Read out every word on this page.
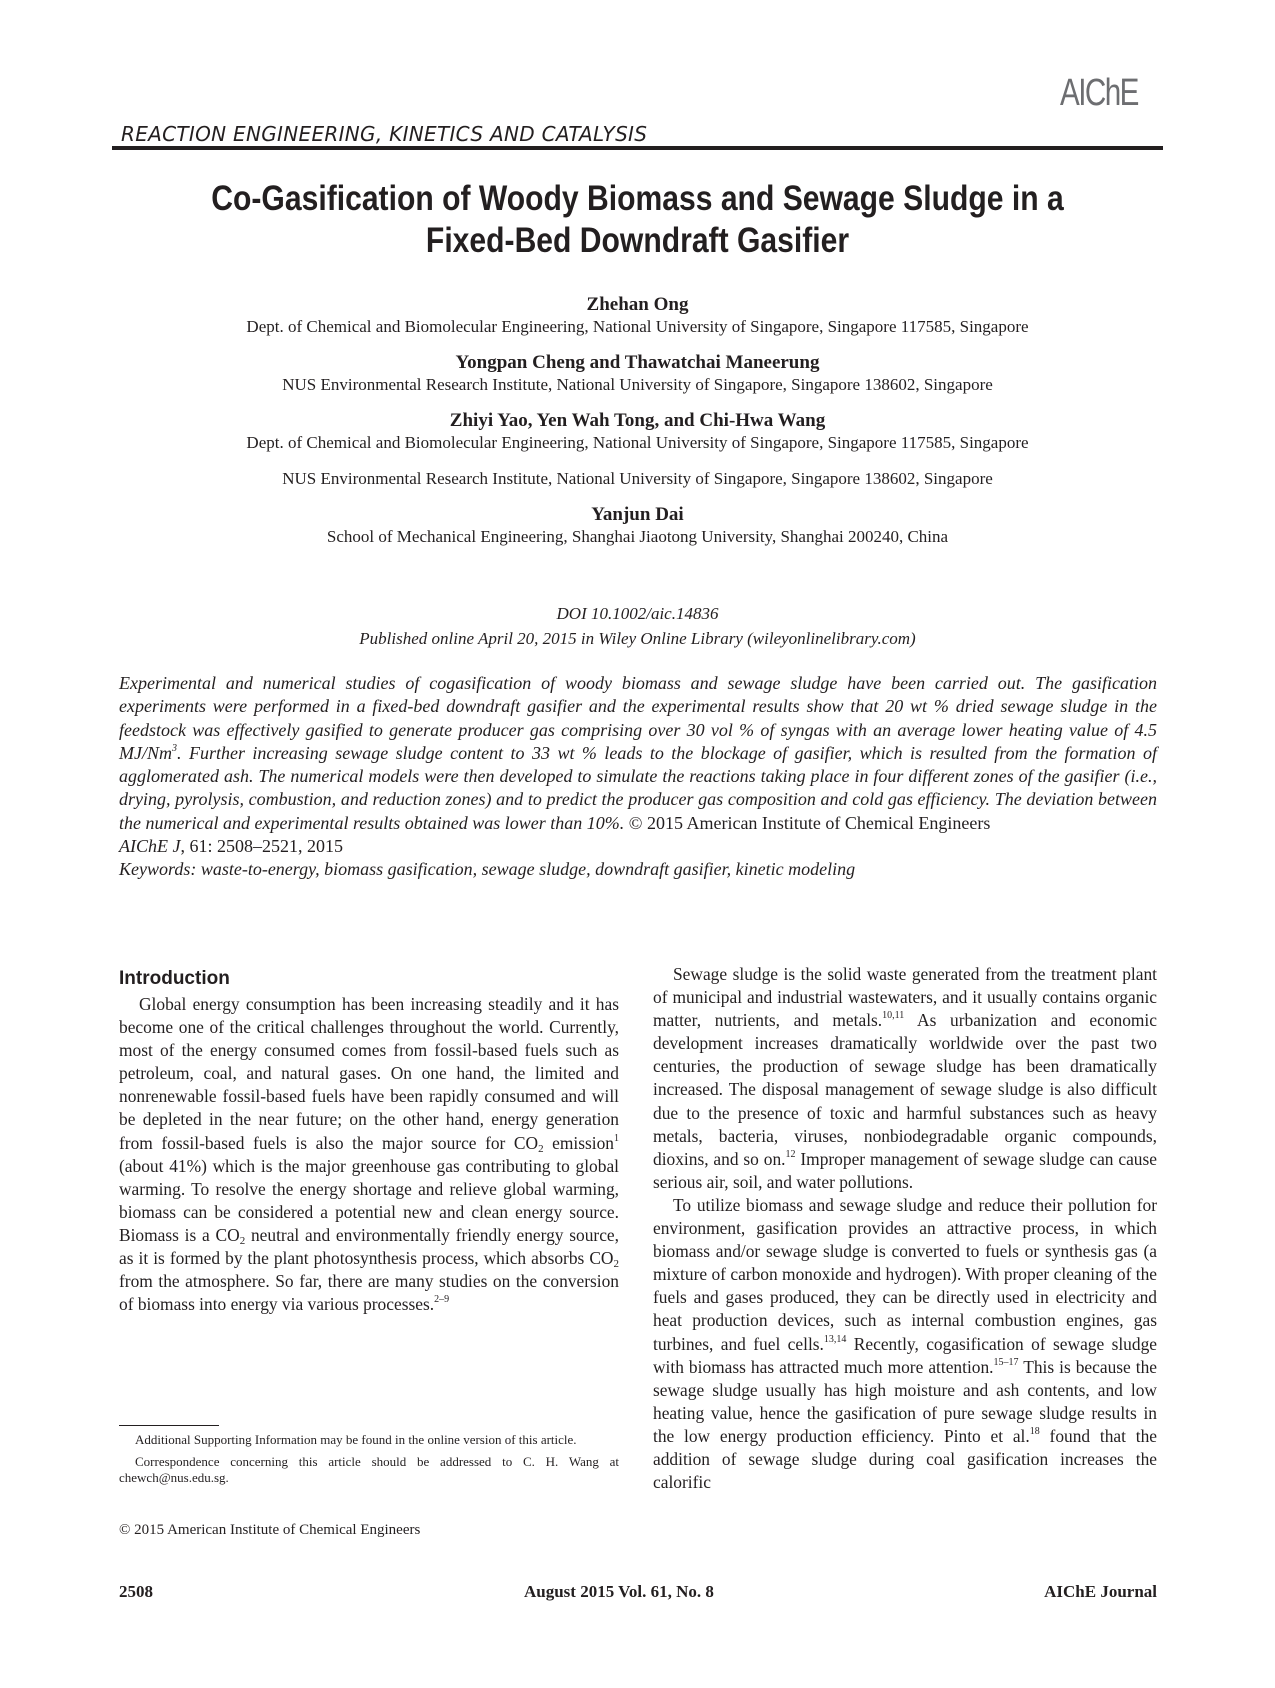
AIChE
REACTION ENGINEERING, KINETICS AND CATALYSIS
Co-Gasification of Woody Biomass and Sewage Sludge in a
Fixed-Bed Downdraft Gasifier
Zhehan Ong
Dept. of Chemical and Biomolecular Engineering, National University of Singapore, Singapore 117585, Singapore
Yongpan Cheng and Thawatchai Maneerung
NUS Environmental Research Institute, National University of Singapore, Singapore 138602, Singapore
Zhiyi Yao, Yen Wah Tong, and Chi-Hwa Wang
Dept. of Chemical and Biomolecular Engineering, National University of Singapore, Singapore 117585, Singapore
NUS Environmental Research Institute, National University of Singapore, Singapore 138602, Singapore
Yanjun Dai
School of Mechanical Engineering, Shanghai Jiaotong University, Shanghai 200240, China
DOI 10.1002/aic.14836
Published online April 20, 2015 in Wiley Online Library (wileyonlinelibrary.com)

Experimental and numerical studies of cogasification of woody biomass and sewage sludge have been carried out. The gasification experiments were performed in a fixed-bed downdraft gasifier and the experimental results show that 20 wt % dried sewage sludge in the feedstock was effectively gasified to generate producer gas comprising over 30 vol % of syngas with an average lower heating value of 4.5 MJ/Nm$^3$. Further increasing sewage sludge content to 33 wt % leads to the blockage of gasifier, which is resulted from the formation of agglomerated ash. The numerical models were then developed to simulate the reactions taking place in four different zones of the gasifier (i.e., drying, pyrolysis, combustion, and reduction zones) and to predict the producer gas composition and cold gas efficiency. The deviation between the numerical and experimental results obtained was lower than 10%. © 2015 American Institute of Chemical Engineers

AIChE J, 61: 2508–2521, 2015

Keywords: waste-to-energy, biomass gasification, sewage sludge, downdraft gasifier, kinetic modeling

Introduction

Global energy consumption has been increasing steadily and it has become one of the critical challenges throughout the world. Currently, most of the energy consumed comes from fossil-based fuels such as petroleum, coal, and natural gases. On one hand, the limited and nonrenewable fossil-based fuels have been rapidly consumed and will be depleted in the near future; on the other hand, energy generation from fossil-based fuels is also the major source for $CO_2$ emission$^1$ (about 41%) which is the major greenhouse gas contributing to global warming. To resolve the energy shortage and relieve global warming, biomass can be considered a potential new and clean energy source. Biomass is a $CO_2$ neutral and environmentally friendly energy source, as it is formed by the plant photosynthesis process, which absorbs $CO_2$ from the atmosphere. So far, there are many studies on the conversion of biomass into energy via various processes.$^{2-9}$

Additional Supporting Information may be found in the online version of this article.

Correspondence concerning this article should be addressed to C. H. Wang at chewch@nus.edu.sg.

© 2015 American Institute of Chemical Engineers

Sewage sludge is the solid waste generated from the treatment plant of municipal and industrial wastewaters, and it usually contains organic matter, nutrients, and metals.$^{10,11}$ As urbanization and economic development increases dramatically worldwide over the past two centuries, the production of sewage sludge has been dramatically increased. The disposal management of sewage sludge is also difficult due to the presence of toxic and harmful substances such as heavy metals, bacteria, viruses, nonbiodegradable organic compounds, dioxins, and so on.$^{12}$ Improper management of sewage sludge can cause serious air, soil, and water pollutions.

To utilize biomass and sewage sludge and reduce their pollution for environment, gasification provides an attractive process, in which biomass and/or sewage sludge is converted to fuels or synthesis gas (a mixture of carbon monoxide and hydrogen). With proper cleaning of the fuels and gases produced, they can be directly used in electricity and heat production devices, such as internal combustion engines, gas turbines, and fuel cells.$^{13,14}$ Recently, cogasification of sewage sludge with biomass has attracted much more attention.$^{15-17}$ This is because the sewage sludge usually has high moisture and ash contents, and low heating value, hence the gasification of pure sewage sludge results in the low energy production efficiency. Pinto et al.$^{18}$ found that the addition of sewage sludge during coal gasification increases the calorific

2508	August 2015 Vol. 61, No. 8	AIChE Journal
